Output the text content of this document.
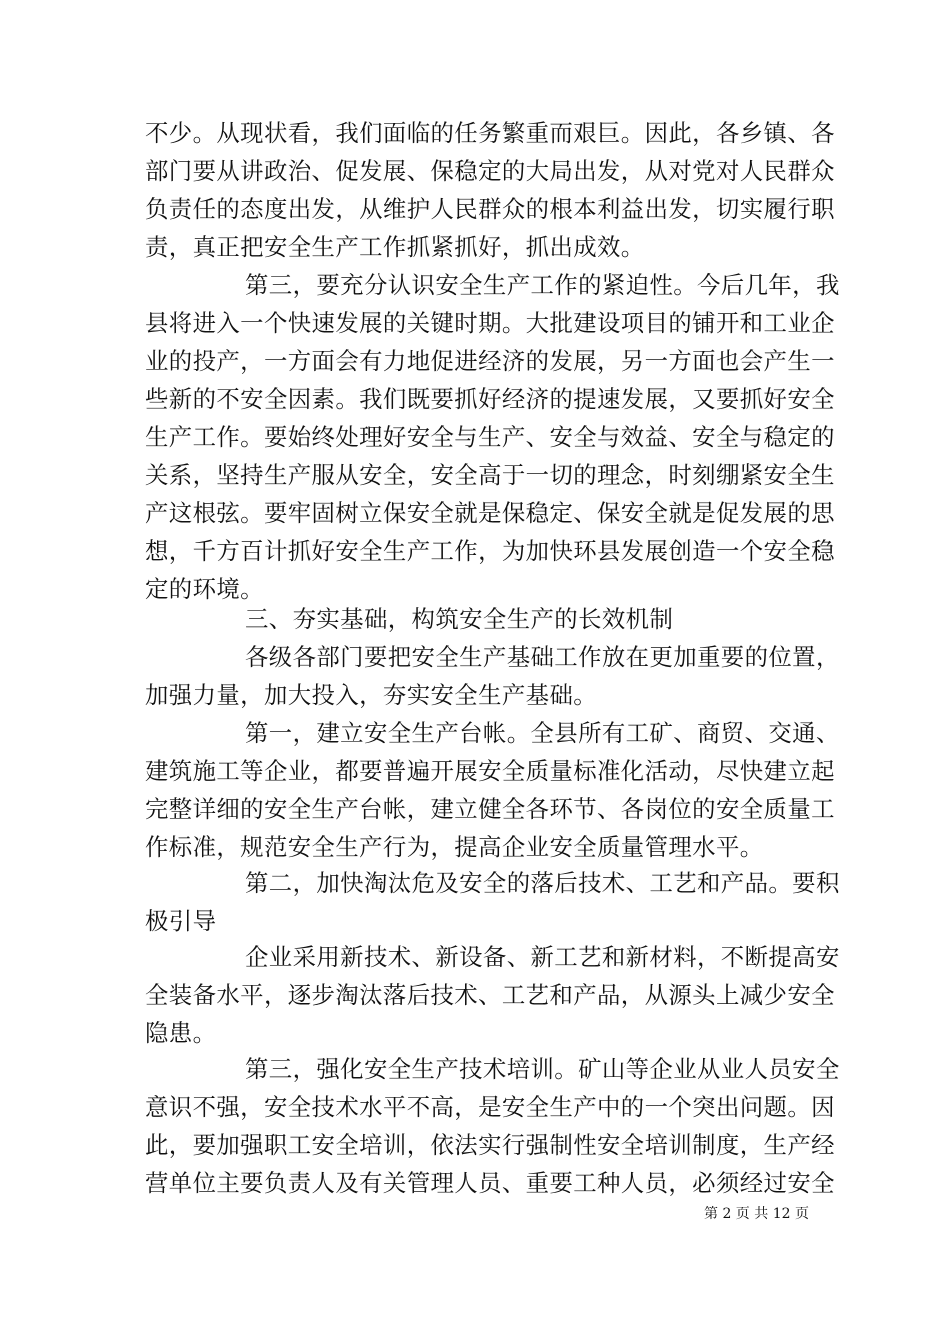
不少。从现状看，我们面临的任务繁重而艰巨。因此，各乡镇、各
部门要从讲政治、促发展、保稳定的大局出发，从对党对人民群众
负责任的态度出发，从维护人民群众的根本利益出发，切实履行职
责，真正把安全生产工作抓紧抓好，抓出成效。
第三，要充分认识安全生产工作的紧迫性。今后几年，我
县将进入一个快速发展的关键时期。大批建设项目的铺开和工业企
业的投产，一方面会有力地促进经济的发展，另一方面也会产生一
些新的不安全因素。我们既要抓好经济的提速发展，又要抓好安全
生产工作。要始终处理好安全与生产、安全与效益、安全与稳定的
关系，坚持生产服从安全，安全高于一切的理念，时刻绷紧安全生
产这根弦。要牢固树立保安全就是保稳定、保安全就是促发展的思
想，千方百计抓好安全生产工作，为加快环县发展创造一个安全稳
定的环境。
三、夯实基础，构筑安全生产的长效机制
各级各部门要把安全生产基础工作放在更加重要的位置，
加强力量，加大投入，夯实安全生产基础。
第一，建立安全生产台帐。全县所有工矿、商贸、交通、
建筑施工等企业，都要普遍开展安全质量标准化活动，尽快建立起
完整详细的安全生产台帐，建立健全各环节、各岗位的安全质量工
作标准，规范安全生产行为，提高企业安全质量管理水平。
第二，加快淘汰危及安全的落后技术、工艺和产品。要积
极引导
企业采用新技术、新设备、新工艺和新材料，不断提高安
全装备水平，逐步淘汰落后技术、工艺和产品，从源头上减少安全
隐患。
第三，强化安全生产技术培训。矿山等企业从业人员安全
意识不强，安全技术水平不高，是安全生产中的一个突出问题。因
此，要加强职工安全培训，依法实行强制性安全培训制度，生产经
营单位主要负责人及有关管理人员、重要工种人员，必须经过安全
第 2 页 共 12 页
